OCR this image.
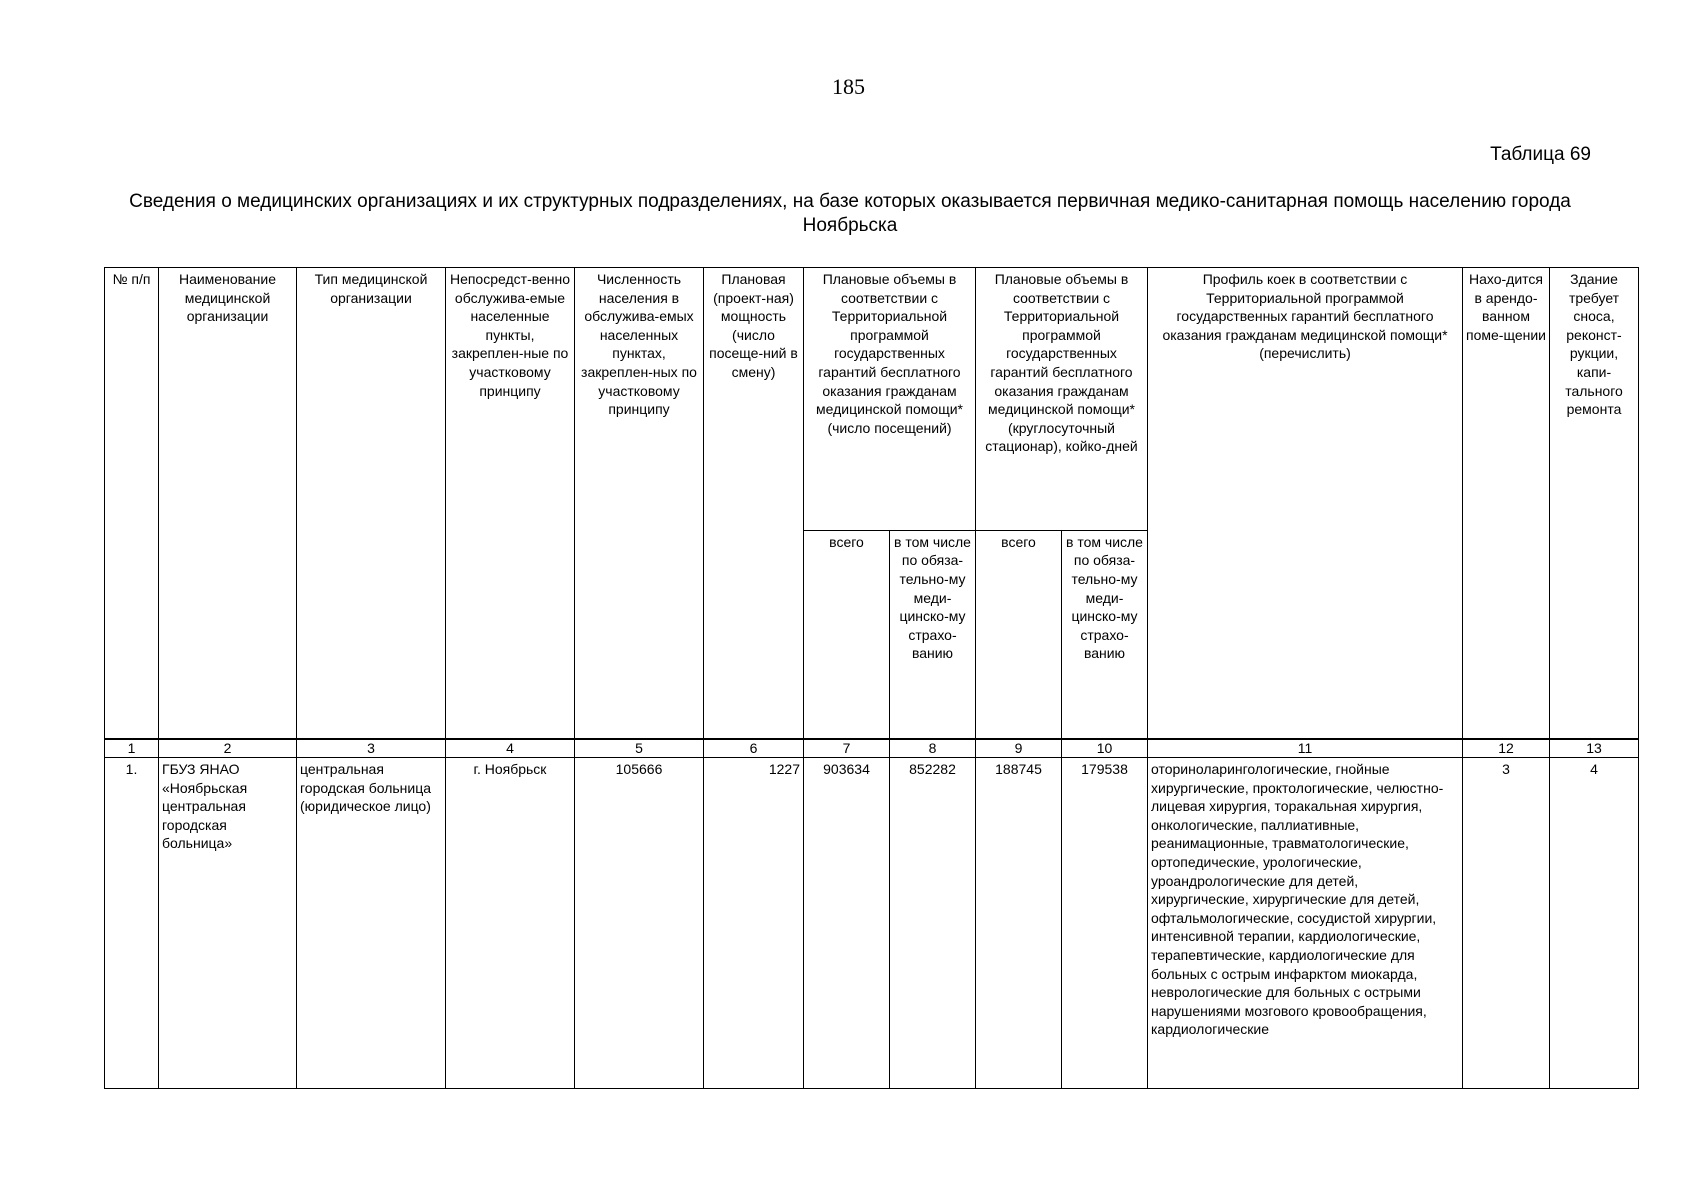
185
Таблица 69
Сведения о медицинских организациях и их структурных подразделениях, на базе которых оказывается первичная медико-санитарная помощь населению города Ноябрьска
№ п/п	Наименование медицинской организации	Тип медицинской организации	Непосредст-венно обслужива-емые населенные пункты, закреплен-ные по участковому принципу	Численность населения в обслужива-емых населенных пунктах, закреплен-ных по участковому принципу	Плановая (проект-ная) мощность (число посеще-ний в смену)	Плановые объемы в соответствии с Территориальной программой государственных гарантий бесплатного оказания гражданам медицинской помощи* (число посещений)		Плановые объемы в соответствии с Территориальной программой государственных гарантий бесплатного оказания гражданам медицинской помощи* (круглосуточный стационар), койко-дней		Профиль коек в соответствии с Территориальной программой государственных гарантий бесплатного оказания гражданам медицинской помощи* (перечислить)	Нахо-дится в арендо-ванном поме-щении	Здание требует сноса, реконст-рукции, капи-тального ремонта
						всего	в том числе по обяза-тельно-му меди-цинско-му страхо-ванию	всего	в том числе по обяза-тельно-му меди-цинско-му страхо-ванию			
1	2	3	4	5	6	7	8	9	10	11	12	13
1.	ГБУЗ ЯНАО «Ноябрьская центральная городская больница»	центральная городская больница (юридическое лицо)	г. Ноябрьск	105666	1227	903634	852282	188745	179538	оториноларингологические, гнойные хирургические, проктологические, челюстно-лицевая хирургия, торакальная хирургия, онкологические, паллиативные, реанимационные, травматологические, ортопедические, урологические, уроандрологические для детей, хирургические, хирургические для детей, офтальмологические, сосудистой хирургии, интенсивной терапии, кардиологические, терапевтические, кардиологические для больных с острым инфарктом миокарда, неврологические для больных с острыми нарушениями мозгового кровообращения, кардиологические	3	4
